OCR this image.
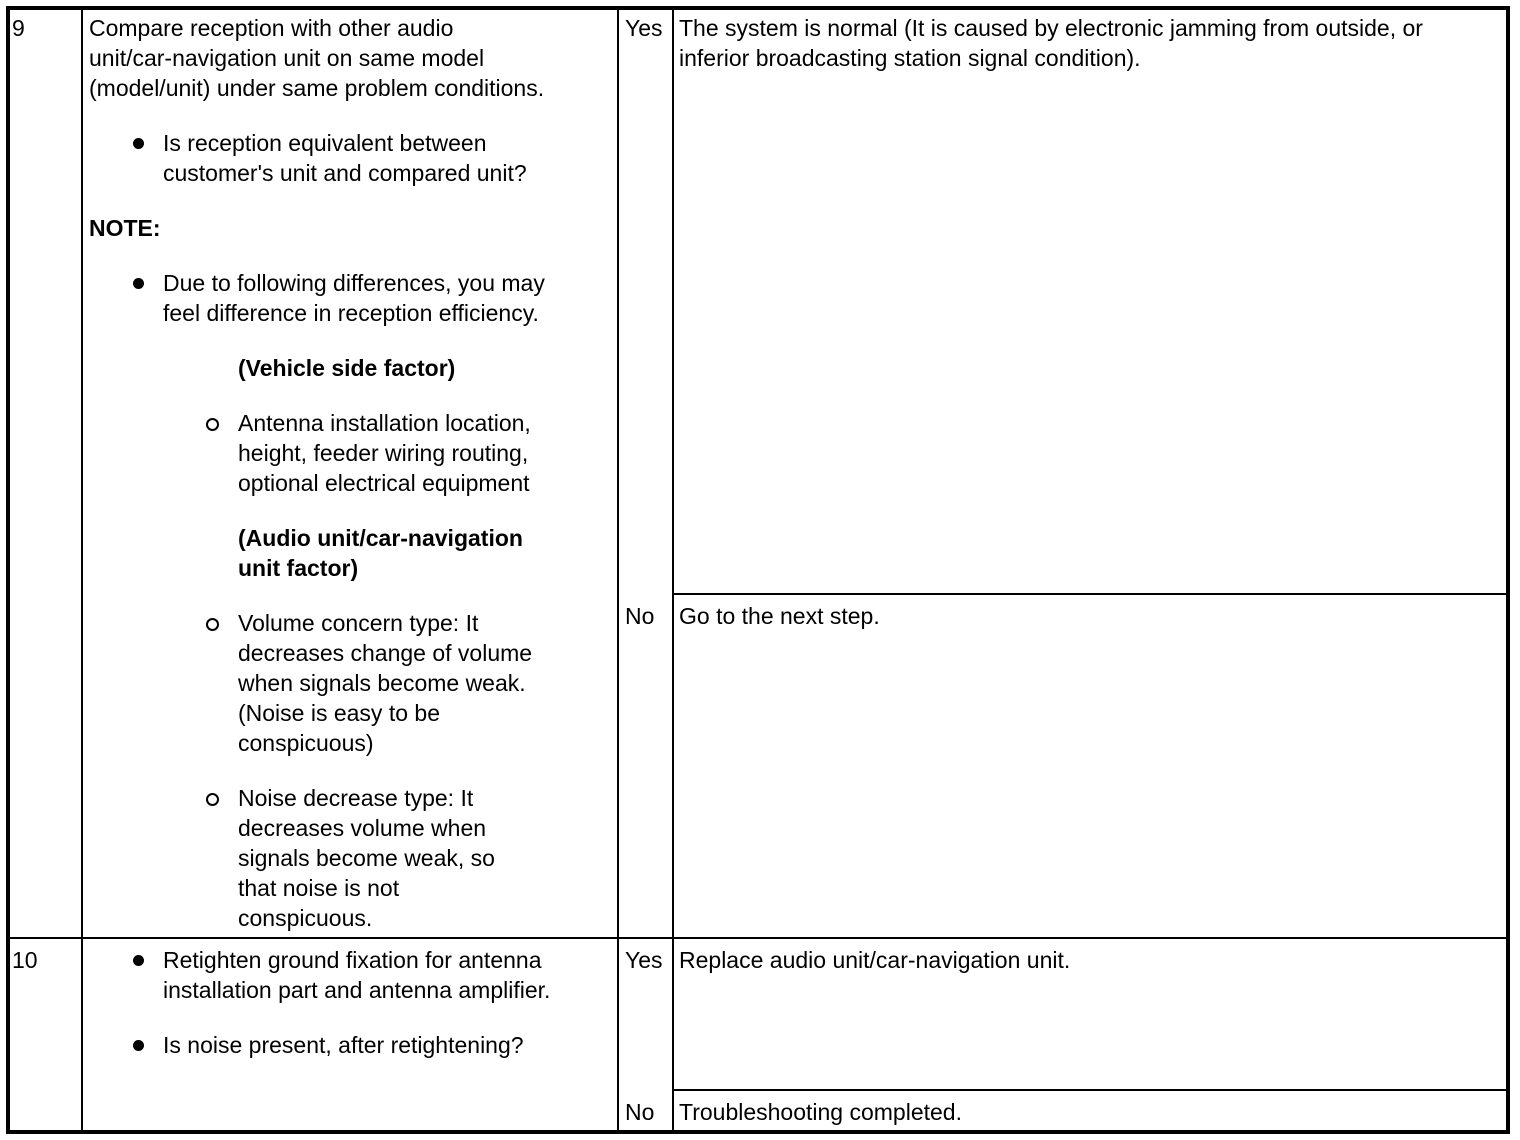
9	Compare reception with other audio
unit/car-navigation unit on same model
(model/unit) under same problem conditions.
Is reception equivalent between
customer's unit and compared unit?
NOTE:
Due to following differences, you may
feel difference in reception efficiency.
(Vehicle side factor)
Antenna installation location,
height, feeder wiring routing,
optional electrical equipment
(Audio unit/car-navigation
unit factor)
Volume concern type: It
decreases change of volume
when signals become weak.
(Noise is easy to be
conspicuous)
Noise decrease type: It
decreases volume when
signals become weak, so
that noise is not
conspicuous.
Yes The system is normal (It is caused by electronic jamming from outside, or
inferior broadcasting station signal condition).
No Go to the next step.
10	Retighten ground fixation for antenna
installation part and antenna amplifier.
Is noise present, after retightening?
Yes Replace audio unit/car-navigation unit.
No Troubleshooting completed.
